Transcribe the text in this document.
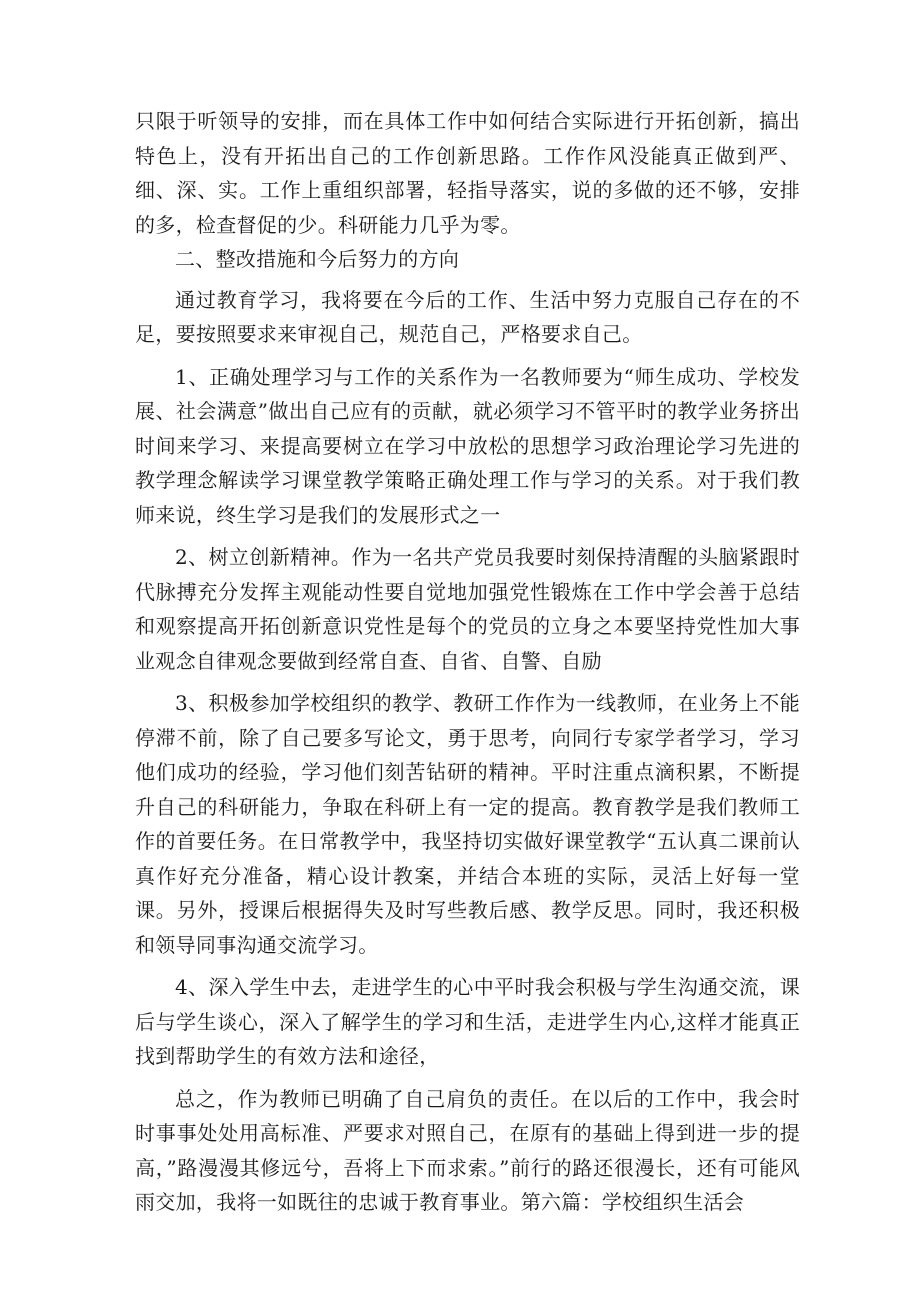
只限于听领导的安排，而在具体工作中如何结合实际进行开拓创新，搞出特色上，没有开拓出自己的工作创新思路。工作作风没能真正做到严、细、深、实。工作上重组织部署，轻指导落实，说的多做的还不够，安排的多，检查督促的少。科研能力几乎为零。

二、整改措施和今后努力的方向

通过教育学习，我将要在今后的工作、生活中努力克服自己存在的不足，要按照要求来审视自己，规范自己，严格要求自己。

1、正确处理学习与工作的关系作为一名教师要为“师生成功、学校发展、社会满意”做出自己应有的贡献，就必须学习不管平时的教学业务挤出时间来学习、来提高要树立在学习中放松的思想学习政治理论学习先进的教学理念解读学习课堂教学策略正确处理工作与学习的关系。对于我们教师来说，终生学习是我们的发展形式之一

2、树立创新精神。作为一名共产党员我要时刻保持清醒的头脑紧跟时代脉搏充分发挥主观能动性要自觉地加强党性锻炼在工作中学会善于总结和观察提高开拓创新意识党性是每个的党员的立身之本要坚持党性加大事业观念自律观念要做到经常自查、自省、自警、自励

3、积极参加学校组织的教学、教研工作作为一线教师，在业务上不能停滞不前，除了自己要多写论文，勇于思考，向同行专家学者学习，学习他们成功的经验，学习他们刻苦钻研的精神。平时注重点滴积累，不断提升自己的科研能力，争取在科研上有一定的提高。教育教学是我们教师工作的首要任务。在日常教学中，我坚持切实做好课堂教学“五认真二课前认真作好充分准备，精心设计教案，并结合本班的实际，灵活上好每一堂课。另外，授课后根据得失及时写些教后感、教学反思。同时，我还积极和领导同事沟通交流学习。

4、深入学生中去，走进学生的心中平时我会积极与学生沟通交流，课后与学生谈心，深入了解学生的学习和生活，走进学生内心,这样才能真正找到帮助学生的有效方法和途径，

总之，作为教师已明确了自己肩负的责任。在以后的工作中，我会时时事事处处用高标准、严要求对照自己，在原有的基础上得到进一步的提高，”路漫漫其修远兮，吾将上下而求索。”前行的路还很漫长，还有可能风雨交加，我将一如既往的忠诚于教育事业。第六篇：学校组织生活会
